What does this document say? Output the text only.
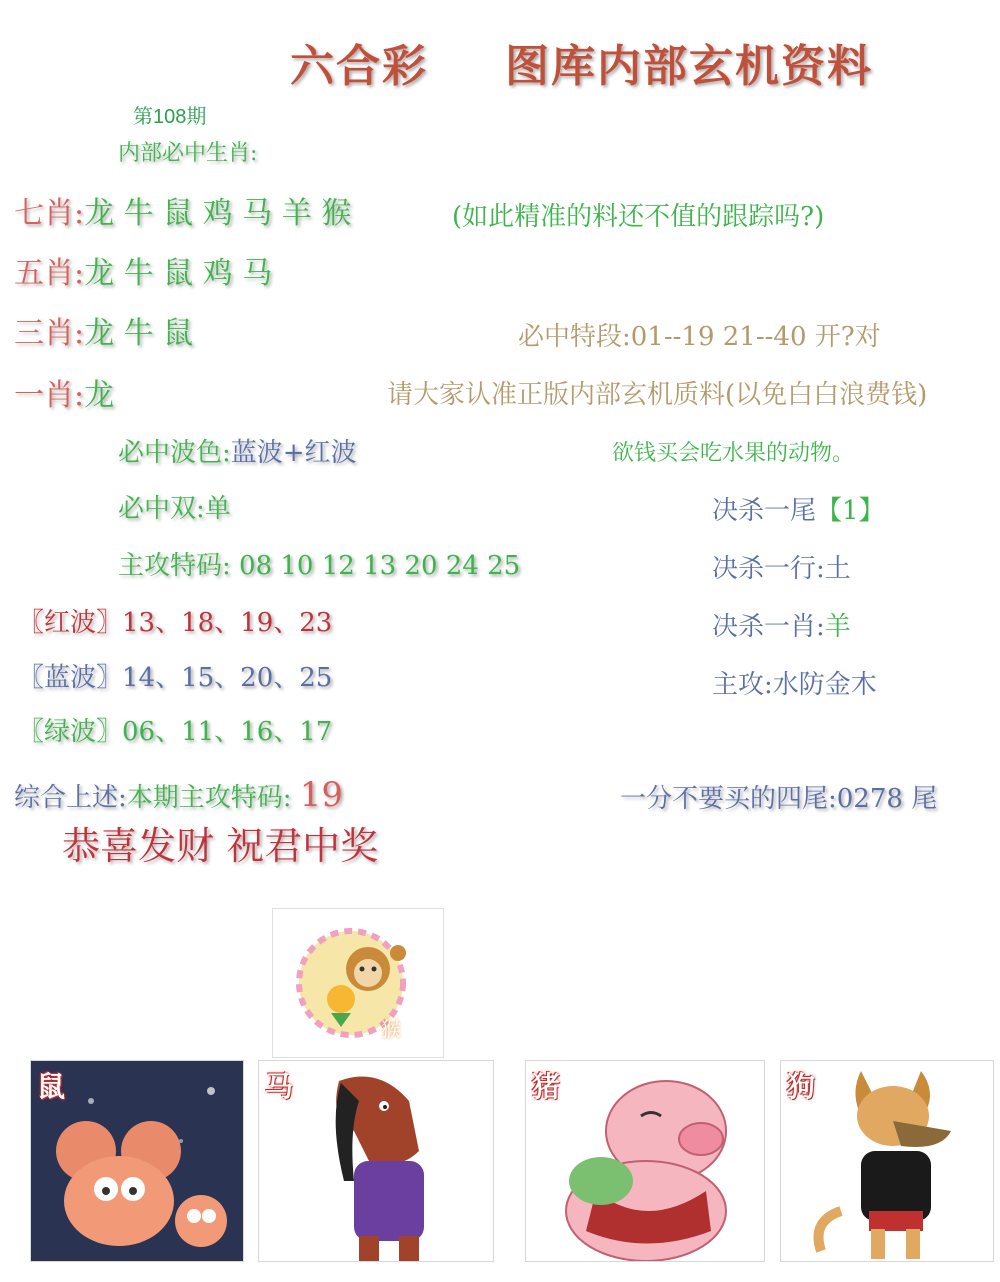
六合彩 图库内部玄机资料
第108期
内部必中生肖:
七肖:龙 牛 鼠 鸡 马 羊 猴
五肖:龙 牛 鼠 鸡 马
三肖:龙 牛 鼠
一肖:龙
(如此精准的料还不值的跟踪吗?)
必中特段:01--19 21--40 开?对
请大家认准正版内部玄机质料(以免白白浪费钱)
欲钱买会吃水果的动物。
必中波色:蓝波+红波
必中双:单
主攻特码: 08 10 12 13 20 24 25
决杀一尾【1】
决杀一行:土
决杀一肖:羊
主攻:水防金木
〖红波〗13、18、19、23
〖蓝波〗14、15、20、25
〖绿波〗06、11、16、17
综合上述:本期主攻特码: 19	一分不要买的四尾:0278 尾
恭喜发财 祝君中奖
猴
鼠	马	猪	狗
